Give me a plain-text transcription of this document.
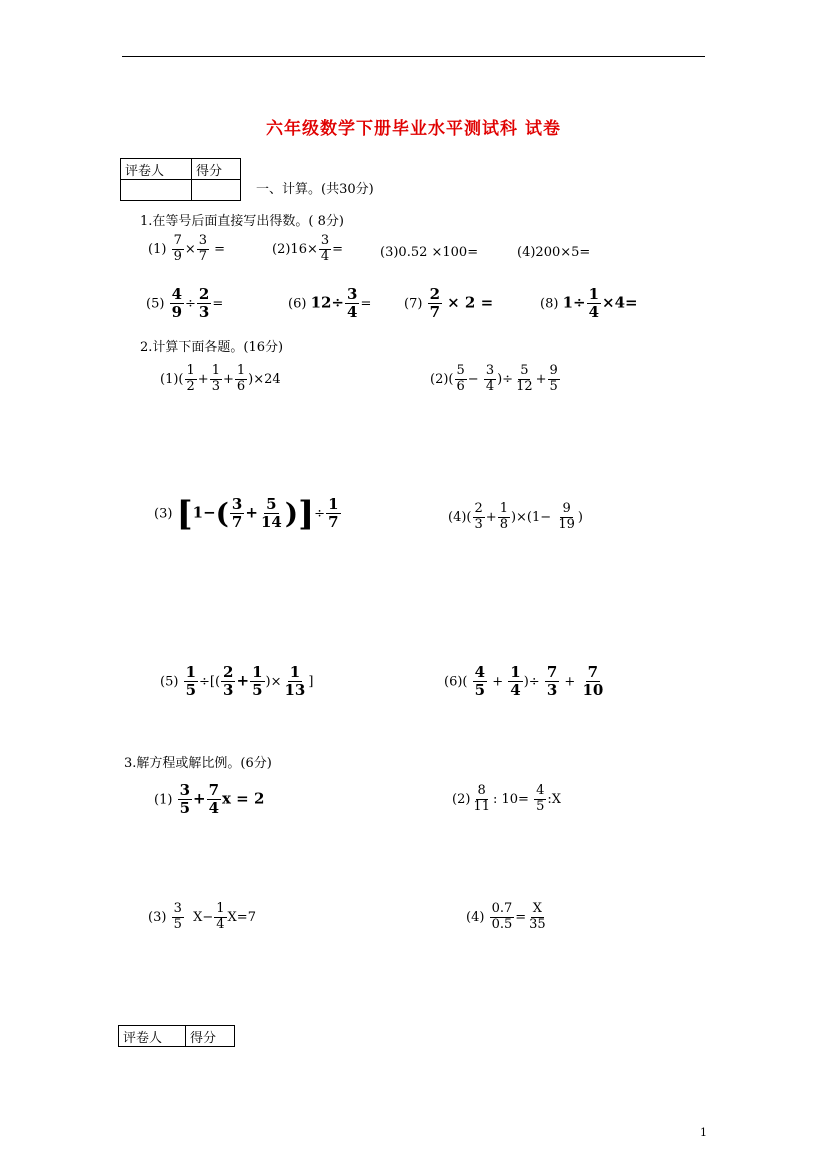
六年级数学下册毕业水平测试科 试卷
评卷人	得分

一、计算。(共30分)
1.在等号后面直接写出得数。( 8分)
$(1) \frac{7}{9} \times \frac{3}{7}$ =	$(2)16\times \frac{3}{4}$ =	(3)0.52 ×100=	(4)200×5=
$(5) \frac{4}{9} \div \frac{2}{3}$ =	(6) $12\div \frac{3}{4}$ =	$(7) \frac{2}{7} \times 2$ =	(8) $1\div \frac{1}{4} \times 4=$
2.计算下面各题。(16分)
$(1)( \frac{1}{2} + \frac{1}{3} + \frac{1}{6} )\times 24$	$(2)( \frac{5}{6} - \frac{3}{4}$ )÷ $\frac{5}{12} + \frac{9}{5}$
(3) [$1-( \frac{3}{7} + \frac{5}{14}$ )]÷ $\frac{1}{7}$	$(4)( \frac{2}{3} + \frac{1}{8} )\times(1- \frac{9}{19}$ )
$(5) \frac{1}{5}$ ÷[( $\frac{2}{3} + \frac{1}{5}$ )× $\frac{1}{13}$ ]	$(6)( \frac{4}{5} + \frac{1}{4}$ )÷ $\frac{7}{3} + \frac{7}{10}$
3.解方程或解比例。(6分)
$(1) \frac{3}{5} + \frac{7}{4}$ x = 2	$(2) \frac{8}{11}$ : $10= \frac{4}{5}$ :X
$(3) \frac{3}{5} X- \frac{1}{4} X=7$	$(4) \frac{0.7}{0.5} = \frac{X}{35}$
评卷人	得分
1
